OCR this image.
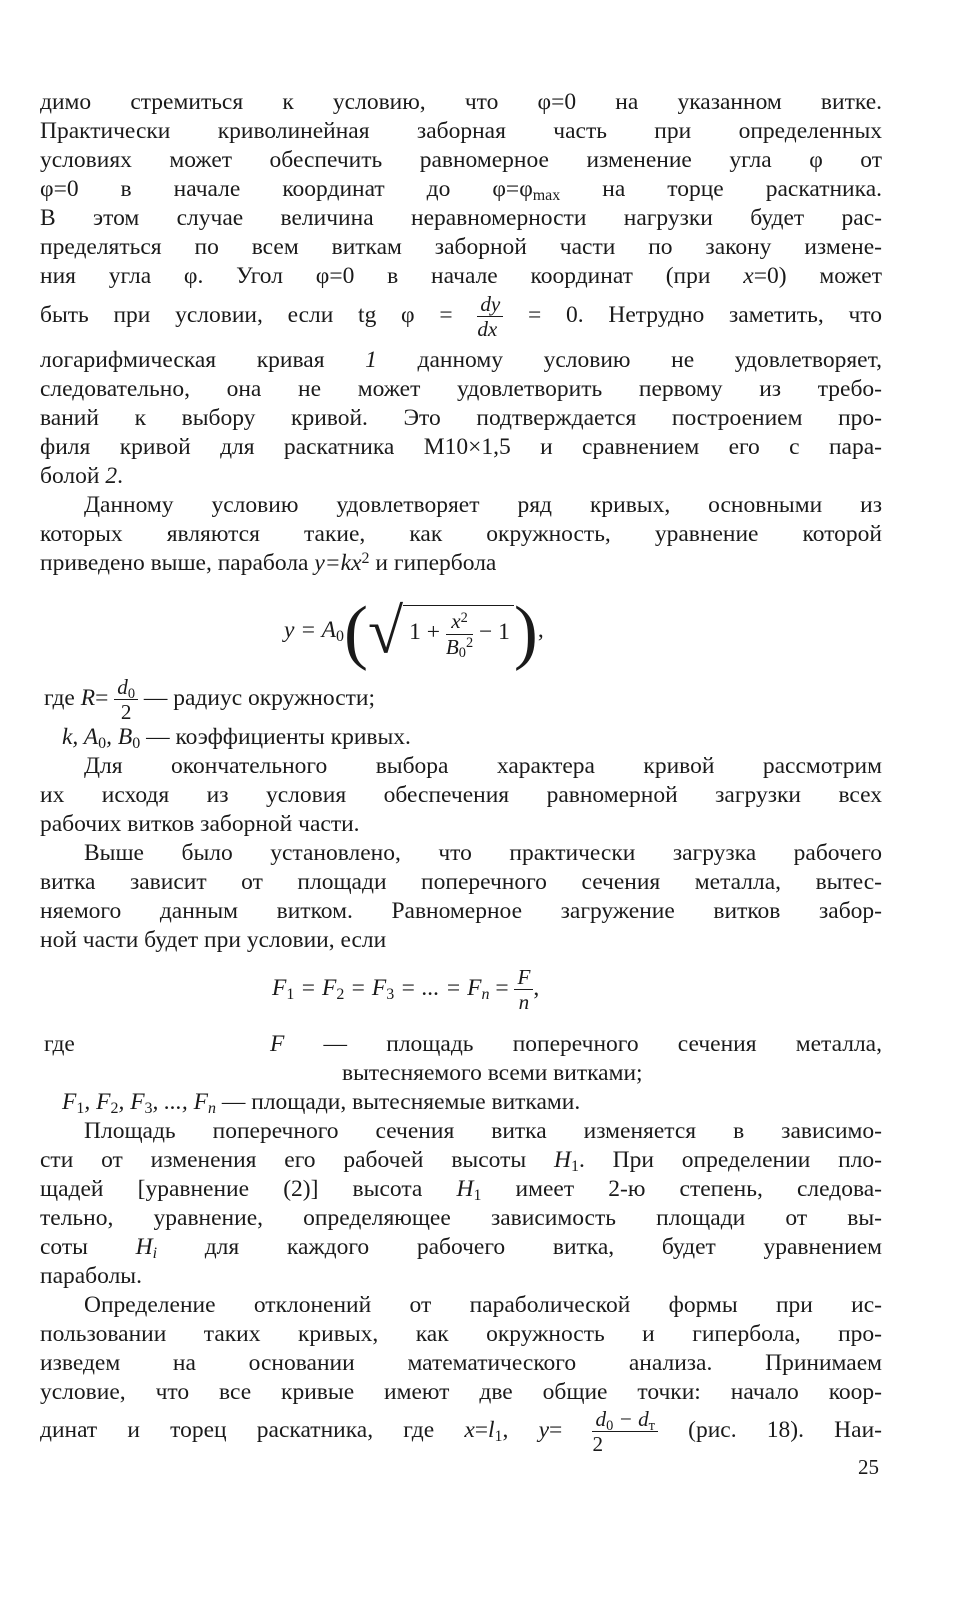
димо стремиться к условию, что φ=0 на указанном витке.
Практически криволинейная заборная часть при определенных
условиях может обеспечить равномерное изменение угла φ от
φ=0 в начале координат до $\varphi=\varphi_{max}$ на торце раскатника.
В этом случае величина неравномерности нагрузки будет рас-
пределяться по всем виткам заборной части по закону измене-
ния угла φ. Угол φ=0 в начале координат (при x=0) может
быть при условии, если tg $\varphi = \frac{dy}{dx} = 0$. Нетрудно заметить, что
логарифмическая кривая 1 данному условию не удовлетворяет,
следовательно, она не может удовлетворить первому из требо-
ваний к выбору кривой. Это подтверждается построением про-
филя кривой для раскатника М10×1,5 и сравнением его с пара-
болой 2.
Данному условию удовлетворяет ряд кривых, основными из
которых являются такие, как окружность, уравнение которой
приведено выше, парабола $y=kx^2$ и гипербола
$y = A_0(√$ $1 + \frac{x^2}{B_0^2} - 1$),
где $R= \frac{d_0}{2}$ — радиус окружности;
k, $A_0$, $B_0$ — коэффициенты кривых.
Для окончательного выбора характера кривой рассмотрим
их исходя из условия обеспечения равномерной загрузки всех
рабочих витков заборной части.
Выше было установлено, что практически загрузка рабочего
витка зависит от площади поперечного сечения металла, вытес-
няемого данным витком. Равномерное загружение витков забор-
ной части будет при условии, если
$F_1 = F_2 = F_3$ = ... = $F_n = \frac{F}{n}$ ,
где	F — площадь поперечного сечения металла,
вытесняемого всеми витками;
$F_1$, $F_2$, $F_3$, ..., $F_n$ — площади, вытесняемые витками.
Площадь поперечного сечения витка изменяется в зависимо-
сти от изменения его рабочей высоты $H_1$. При определении пло-
щадей [уравнение (2)] высота $H_1$ имеет 2-ю степень, следова-
тельно, уравнение, определяющее зависимость площади от вы-
соты $H_i$ для каждого рабочего витка, будет уравнением
параболы.
Определение отклонений от параболической формы при ис-
пользовании таких кривых, как окружность и гипербола, про-
изведем на основании математического анализа. Принимаем
условие, что все кривые имеют две общие точки: начало коор-
динат и торец раскатника, где $x=l_1$, $y= \frac{d_0 - d_т}{2} (рис$. 18). Наи-
25
